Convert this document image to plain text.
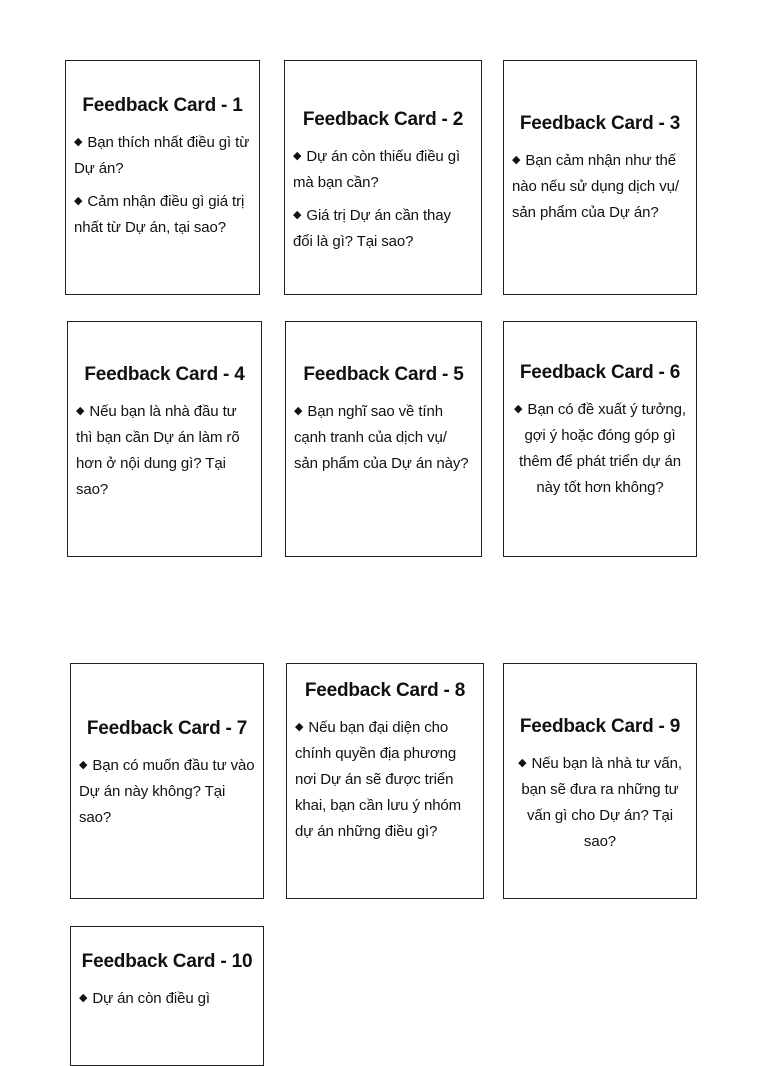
Feedback Card - 1
◆ Bạn thích nhất điều gì từ Dự án?
◆ Cảm nhận điều gì giá trị nhất từ Dự án, tại sao?
Feedback Card - 2
◆ Dự án còn thiếu điều gì mà bạn cần?
◆ Giá trị Dự án cần thay đổi là gì? Tại sao?
Feedback Card - 3
◆ Bạn cảm nhận như thế nào nếu sử dụng dịch vụ/ sản phẩm của Dự án?
Feedback Card - 4
◆ Nếu bạn là nhà đầu tư thì bạn cần Dự án làm rõ hơn ở nội dung gì? Tại sao?
Feedback Card - 5
◆ Bạn nghĩ sao về tính cạnh tranh của dịch vụ/ sản phẩm của Dự án này?
Feedback Card - 6
◆ Bạn có đề xuất ý tưởng, gợi ý hoặc đóng góp gì thêm để phát triển dự án này tốt hơn không?
Feedback Card - 7
◆ Bạn có muốn đầu tư vào Dự án này không? Tại sao?
Feedback Card - 8
◆ Nếu bạn đại diện cho chính quyền địa phương nơi Dự án sẽ được triển khai, bạn cần lưu ý nhóm dự án những điều gì?
Feedback Card - 9
◆ Nếu bạn là nhà tư vấn, bạn sẽ đưa ra những tư vấn gì cho Dự án? Tại sao?
Feedback Card - 10
◆ Dự án còn điều gì
